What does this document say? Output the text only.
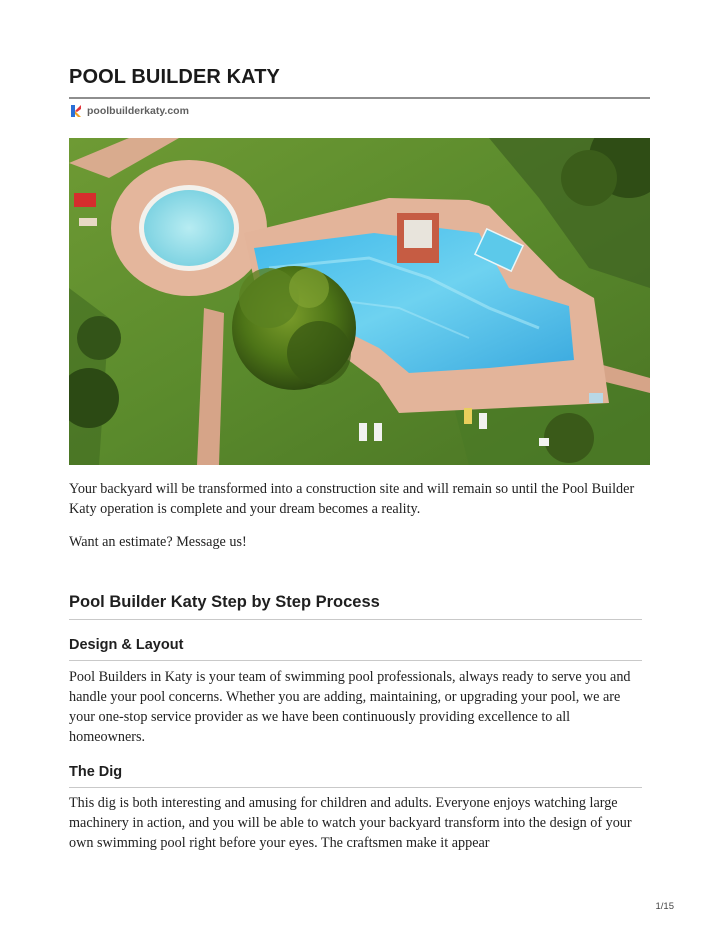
POOL BUILDER KATY
poolbuilderkaty.com

Your backyard will be transformed into a construction site and will remain so until the Pool Builder Katy operation is complete and your dream becomes a reality.

Want an estimate? Message us!

Pool Builder Katy Step by Step Process
Design & Layout

Pool Builders in Katy is your team of swimming pool professionals, always ready to serve you and handle your pool concerns. Whether you are adding, maintaining, or upgrading your pool, we are your one-stop service provider as we have been continuously providing excellence to all homeowners.

The Dig

This dig is both interesting and amusing for children and adults. Everyone enjoys watching large machinery in action, and you will be able to watch your backyard transform into the design of your own swimming pool right before your eyes. The craftsmen make it appear

1/15
